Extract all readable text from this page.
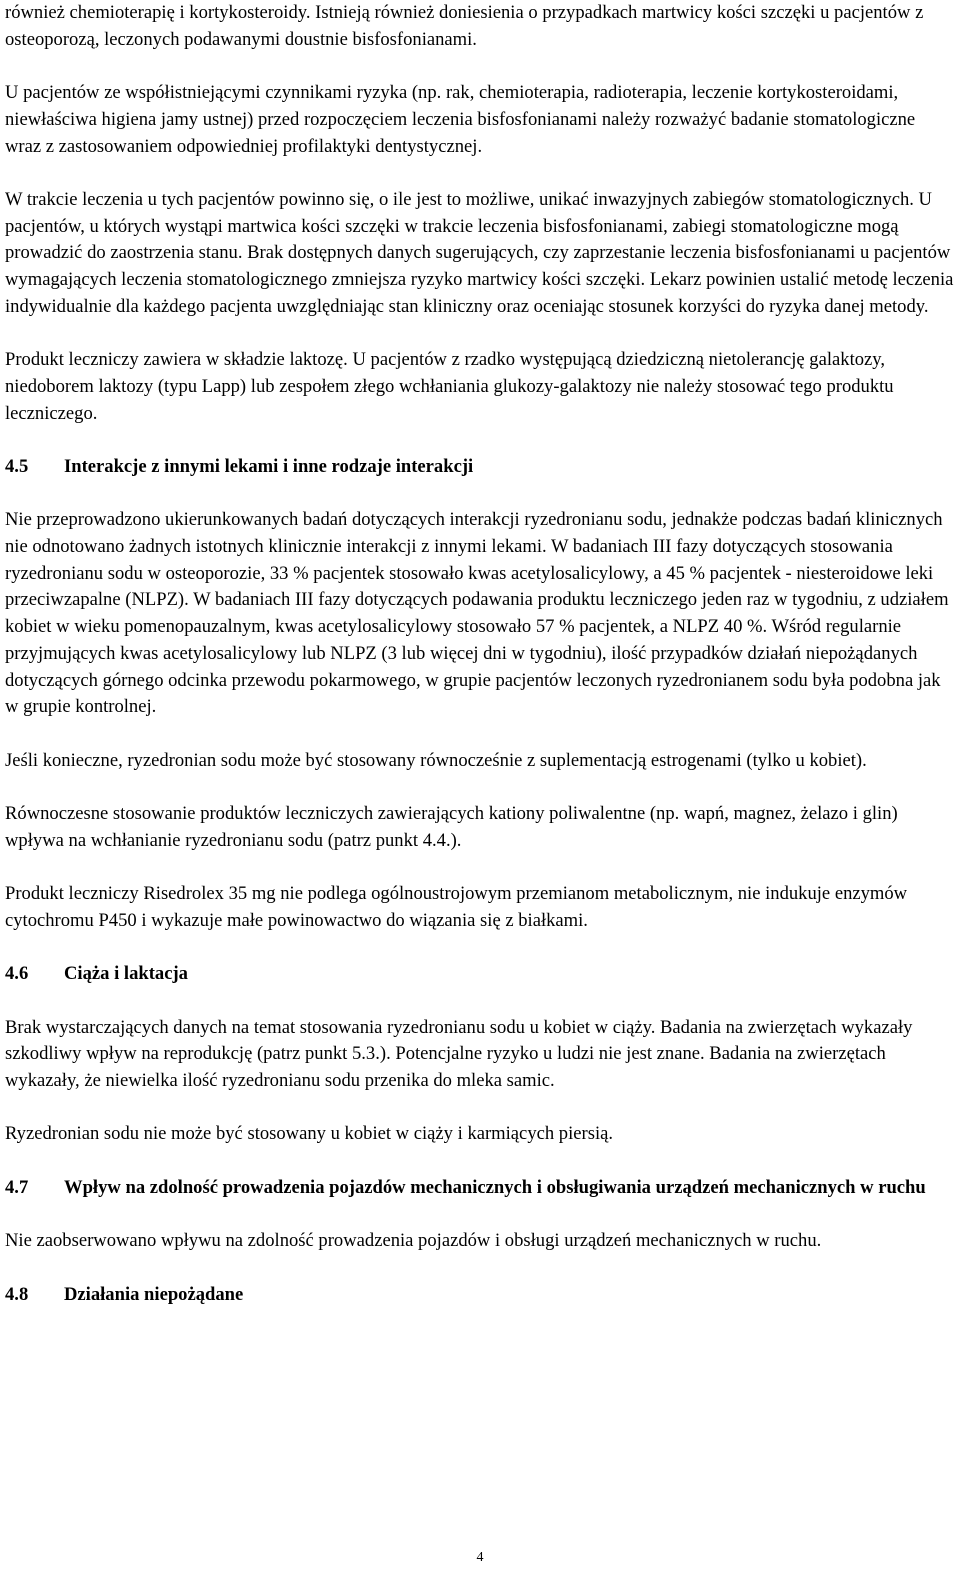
również chemioterapię i kortykosteroidy. Istnieją również doniesienia o przypadkach martwicy kości szczęki u pacjentów z osteoporozą, leczonych podawanymi doustnie bisfosfonianami.

U pacjentów ze współistniejącymi czynnikami ryzyka (np. rak, chemioterapia, radioterapia, leczenie kortykosteroidami, niewłaściwa higiena jamy ustnej) przed rozpoczęciem leczenia bisfosfonianami należy rozważyć badanie stomatologiczne wraz z zastosowaniem odpowiedniej profilaktyki dentystycznej.

W trakcie leczenia u tych pacjentów powinno się, o ile jest to możliwe, unikać inwazyjnych zabiegów stomatologicznych. U pacjentów, u których wystąpi martwica kości szczęki w trakcie leczenia bisfosfonianami, zabiegi stomatologiczne mogą prowadzić do zaostrzenia stanu. Brak dostępnych danych sugerujących, czy zaprzestanie leczenia bisfosfonianami u pacjentów wymagających leczenia stomatologicznego zmniejsza ryzyko martwicy kości szczęki. Lekarz powinien ustalić metodę leczenia indywidualnie dla każdego pacjenta uwzględniając stan kliniczny oraz oceniając stosunek korzyści do ryzyka danej metody.

Produkt leczniczy zawiera w składzie laktozę. U pacjentów z rzadko występującą dziedziczną nietolerancję galaktozy, niedoborem laktozy (typu Lapp) lub zespołem złego wchłaniania glukozy-galaktozy nie należy stosować tego produktu leczniczego.

4.5	Interakcje z innymi lekami i inne rodzaje interakcji

Nie przeprowadzono ukierunkowanych badań dotyczących interakcji ryzedronianu sodu, jednakże podczas badań klinicznych nie odnotowano żadnych istotnych klinicznie interakcji z innymi lekami. W badaniach III fazy dotyczących stosowania ryzedronianu sodu w osteoporozie, 33 % pacjentek stosowało kwas acetylosalicylowy, a 45 % pacjentek - niesteroidowe leki przeciwzapalne (NLPZ). W badaniach III fazy dotyczących podawania produktu leczniczego jeden raz w tygodniu, z udziałem kobiet w wieku pomenopauzalnym, kwas acetylosalicylowy stosowało 57 % pacjentek, a NLPZ 40 %. Wśród regularnie przyjmujących kwas acetylosalicylowy lub NLPZ (3 lub więcej dni w tygodniu), ilość przypadków działań niepożądanych dotyczących górnego odcinka przewodu pokarmowego, w grupie pacjentów leczonych ryzedronianem sodu była podobna jak w grupie kontrolnej.

Jeśli konieczne, ryzedronian sodu może być stosowany równocześnie z suplementacją estrogenami (tylko u kobiet).

Równoczesne stosowanie produktów leczniczych zawierających kationy poliwalentne (np. wapń, magnez, żelazo i glin) wpływa na wchłanianie ryzedronianu sodu (patrz punkt 4.4.).

Produkt leczniczy Risedrolex 35 mg nie podlega ogólnoustrojowym przemianom metabolicznym, nie indukuje enzymów cytochromu P450 i wykazuje małe powinowactwo do wiązania się z białkami.

4.6	Ciąża i laktacja

Brak wystarczających danych na temat stosowania ryzedronianu sodu u kobiet w ciąży. Badania na zwierzętach wykazały szkodliwy wpływ na reprodukcję (patrz punkt 5.3.). Potencjalne ryzyko u ludzi nie jest znane. Badania na zwierzętach wykazały, że niewielka ilość ryzedronianu sodu przenika do mleka samic.

Ryzedronian sodu nie może być stosowany u kobiet w ciąży i karmiących piersią.

4.7	Wpływ na zdolność prowadzenia pojazdów mechanicznych i obsługiwania urządzeń mechanicznych w ruchu

Nie zaobserwowano wpływu na zdolność prowadzenia pojazdów i obsługi urządzeń mechanicznych w ruchu.

4.8	Działania niepożądane
4
